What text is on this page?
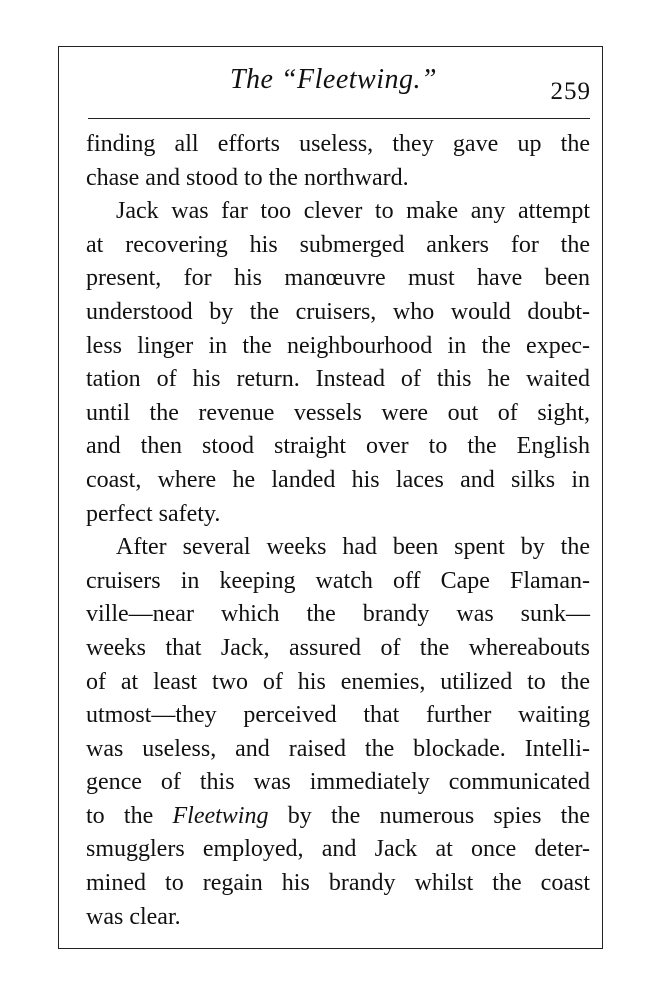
The “Fleetwing.”	259
finding all efforts useless, they gave up the
chase and stood to the northward.
Jack was far too clever to make any attempt
at recovering his submerged ankers for the
present, for his manœuvre must have been
understood by the cruisers, who would doubt-
less linger in the neighbourhood in the expec-
tation of his return. Instead of this he waited
until the revenue vessels were out of sight,
and then stood straight over to the English
coast, where he landed his laces and silks in
perfect safety.
After several weeks had been spent by the
cruisers in keeping watch off Cape Flaman-
ville—near which the brandy was sunk—
weeks that Jack, assured of the whereabouts
of at least two of his enemies, utilized to the
utmost—they perceived that further waiting
was useless, and raised the blockade. Intelli-
gence of this was immediately communicated
to the Fleetwing by the numerous spies the
smugglers employed, and Jack at once deter-
mined to regain his brandy whilst the coast
was clear.
